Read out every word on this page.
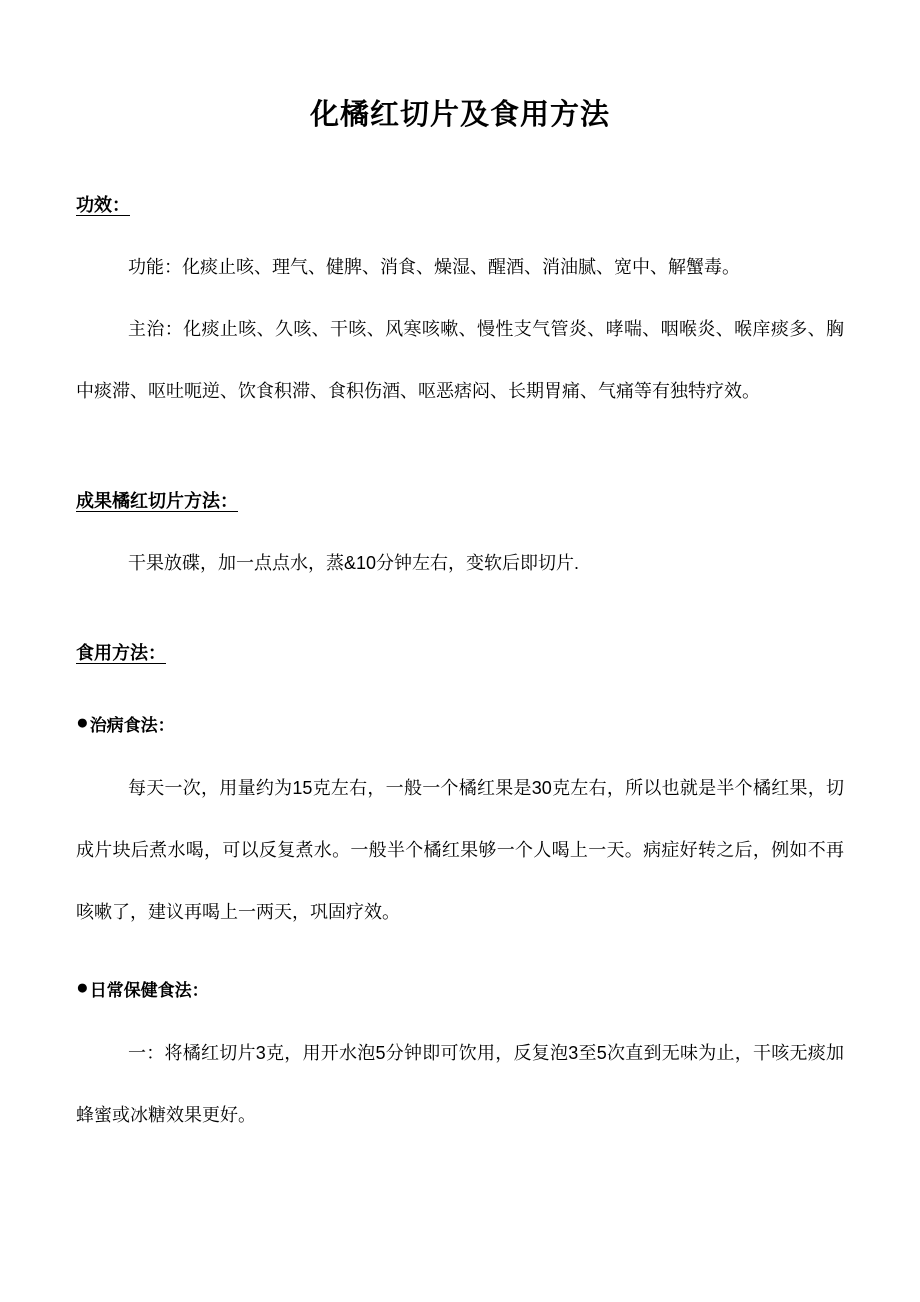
化橘红切片及食用方法

功效：

功能：化痰止咳、理气、健脾、消食、燥湿、醒酒、消油腻、宽中、解蟹毒。

主治：化痰止咳、久咳、干咳、风寒咳嗽、慢性支气管炎、哮喘、咽喉炎、喉庠痰多、胸中痰滞、呕吐呃逆、饮食积滞、食积伤酒、呕恶痞闷、长期胃痛、气痛等有独特疗效。

成果橘红切片方法：

干果放碟，加一点点水，蒸&10分钟左右，变软后即切片.

食用方法：

●治病食法：

每天一次，用量约为15克左右，一般一个橘红果是30克左右，所以也就是半个橘红果，切成片块后煮水喝，可以反复煮水。一般半个橘红果够一个人喝上一天。病症好转之后，例如不再咳嗽了，建议再喝上一两天，巩固疗效。

●日常保健食法：

一：将橘红切片3克，用开水泡5分钟即可饮用，反复泡3至5次直到无味为止，干咳无痰加蜂蜜或冰糖效果更好。
